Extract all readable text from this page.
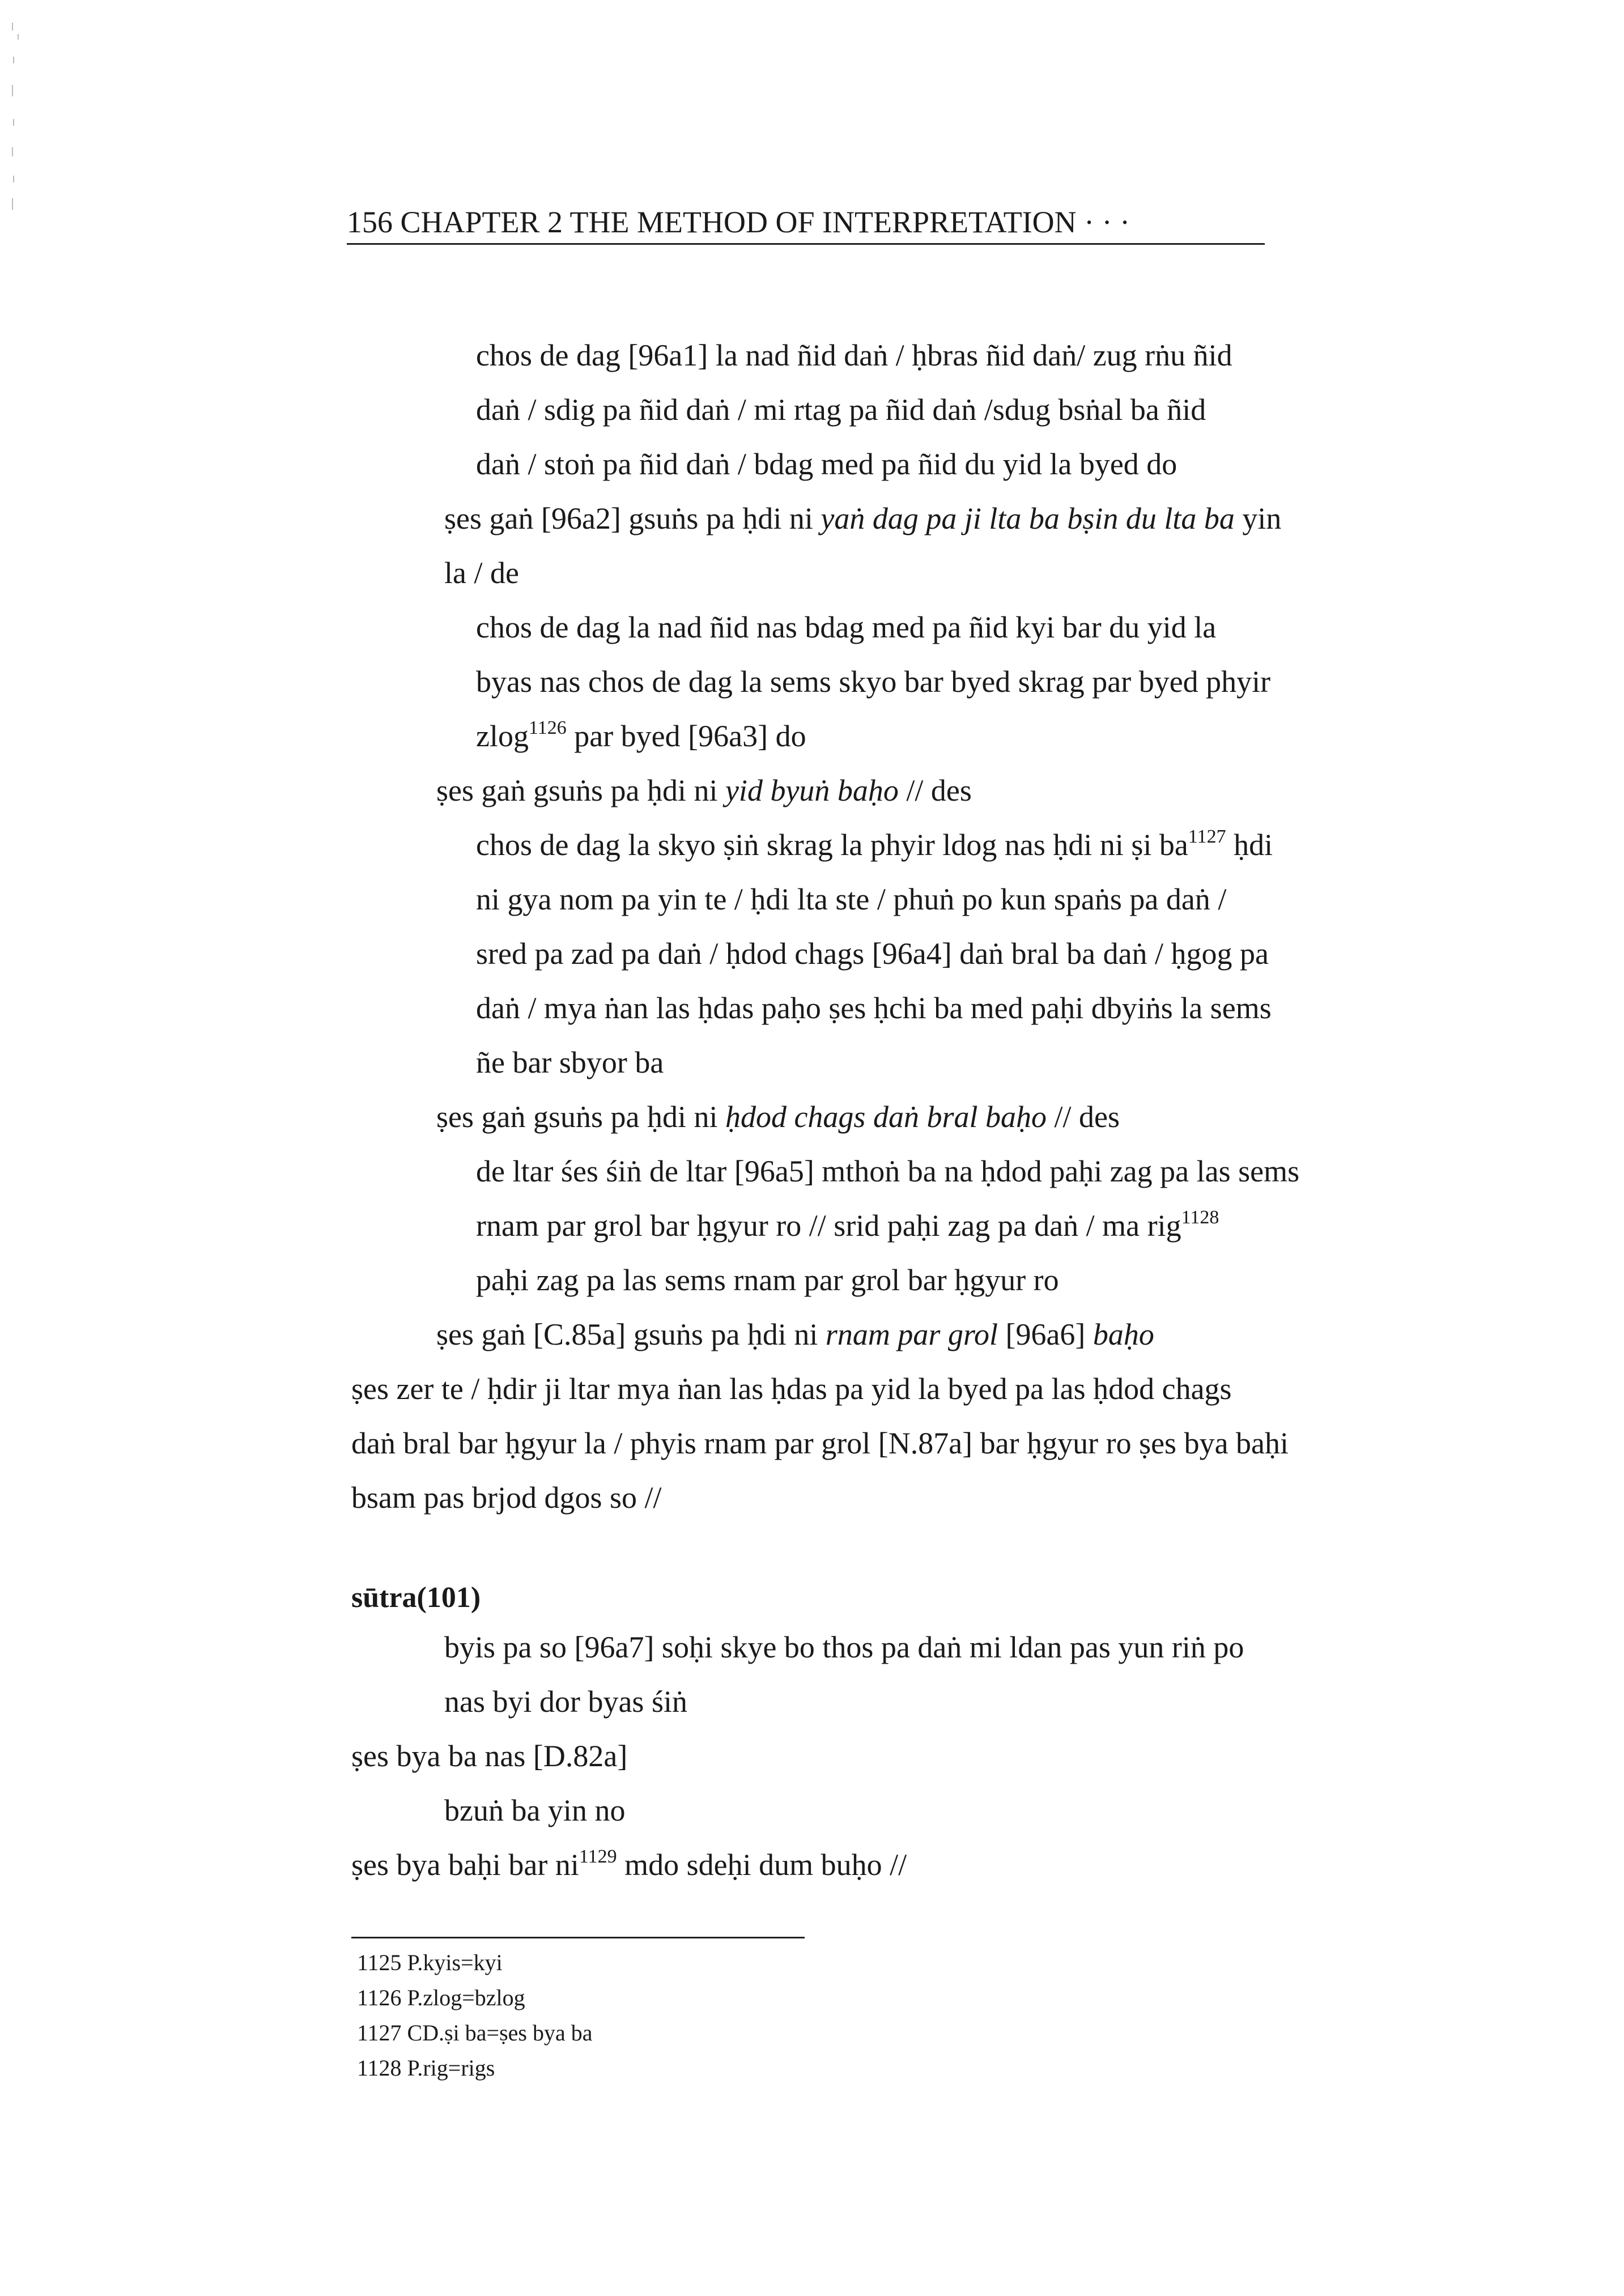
156 CHAPTER 2 THE METHOD OF INTERPRETATION · · ·
chos de dag [96a1] la nad ñid daṅ / ḥbras ñid daṅ/ zug rṅu ñid
daṅ / sdig pa ñid daṅ / mi rtag pa ñid daṅ /sdug bsṅal ba ñid
daṅ / stoṅ pa ñid daṅ / bdag med pa ñid du yid la byed do
ṣes gaṅ [96a2] gsuṅs pa ḥdi ni yaṅ dag pa ji lta ba bṣin du lta ba yin
la / de
chos de dag la nad ñid nas bdag med pa ñid kyi bar du yid la
byas nas chos de dag la sems skyo bar byed skrag par byed phyir
zlog$^{1126}$ par byed [96a3] do
ṣes gaṅ gsuṅs pa ḥdi ni yid byuṅ baḥo // des
chos de dag la skyo ṣiṅ skrag la phyir ldog nas ḥdi ni ṣi $ba^{1127}$ ḥdi
ni gya nom pa yin te / ḥdi lta ste / phuṅ po kun spaṅs pa daṅ /
sred pa zad pa daṅ / ḥdod chags [96a4] daṅ bral ba daṅ / ḥgog pa
daṅ / mya ṅan las ḥdas paḥo ṣes ḥchi ba med paḥi dbyiṅs la sems
ñe bar sbyor ba
ṣes gaṅ gsuṅs pa ḥdi ni ḥdod chags daṅ bral baḥo // des
de ltar śes śiṅ de ltar [96a5] mthoṅ ba na ḥdod paḥi zag pa las sems
rnam par grol bar ḥgyur ro // srid paḥi zag pa daṅ / ma rig$^{1128}$
paḥi zag pa las sems rnam par grol bar ḥgyur ro
ṣes gaṅ [C.85a] gsuṅs pa ḥdi ni rnam par grol [96a6] baḥo
ṣes zer te / ḥdir ji ltar mya ṅan las ḥdas pa yid la byed pa las ḥdod chags
daṅ bral bar ḥgyur la / phyis rnam par grol [N.87a] bar ḥgyur ro ṣes bya baḥi
bsam pas brjod dgos so //
byis pa so [96a7] soḥi skye bo thos pa daṅ mi ldan pas yun riṅ po
nas byi dor byas śiṅ
ṣes bya ba nas [D.82a]
bzuṅ ba yin no
ṣes bya baḥi bar $ni^{1129}$ mdo sdeḥi dum buḥo //
sūtra(101)
1125 P.kyis=kyi
1126 P.zlog=bzlog
1127 CD.ṣi ba=ṣes bya ba
1128 P.rig=rigs
